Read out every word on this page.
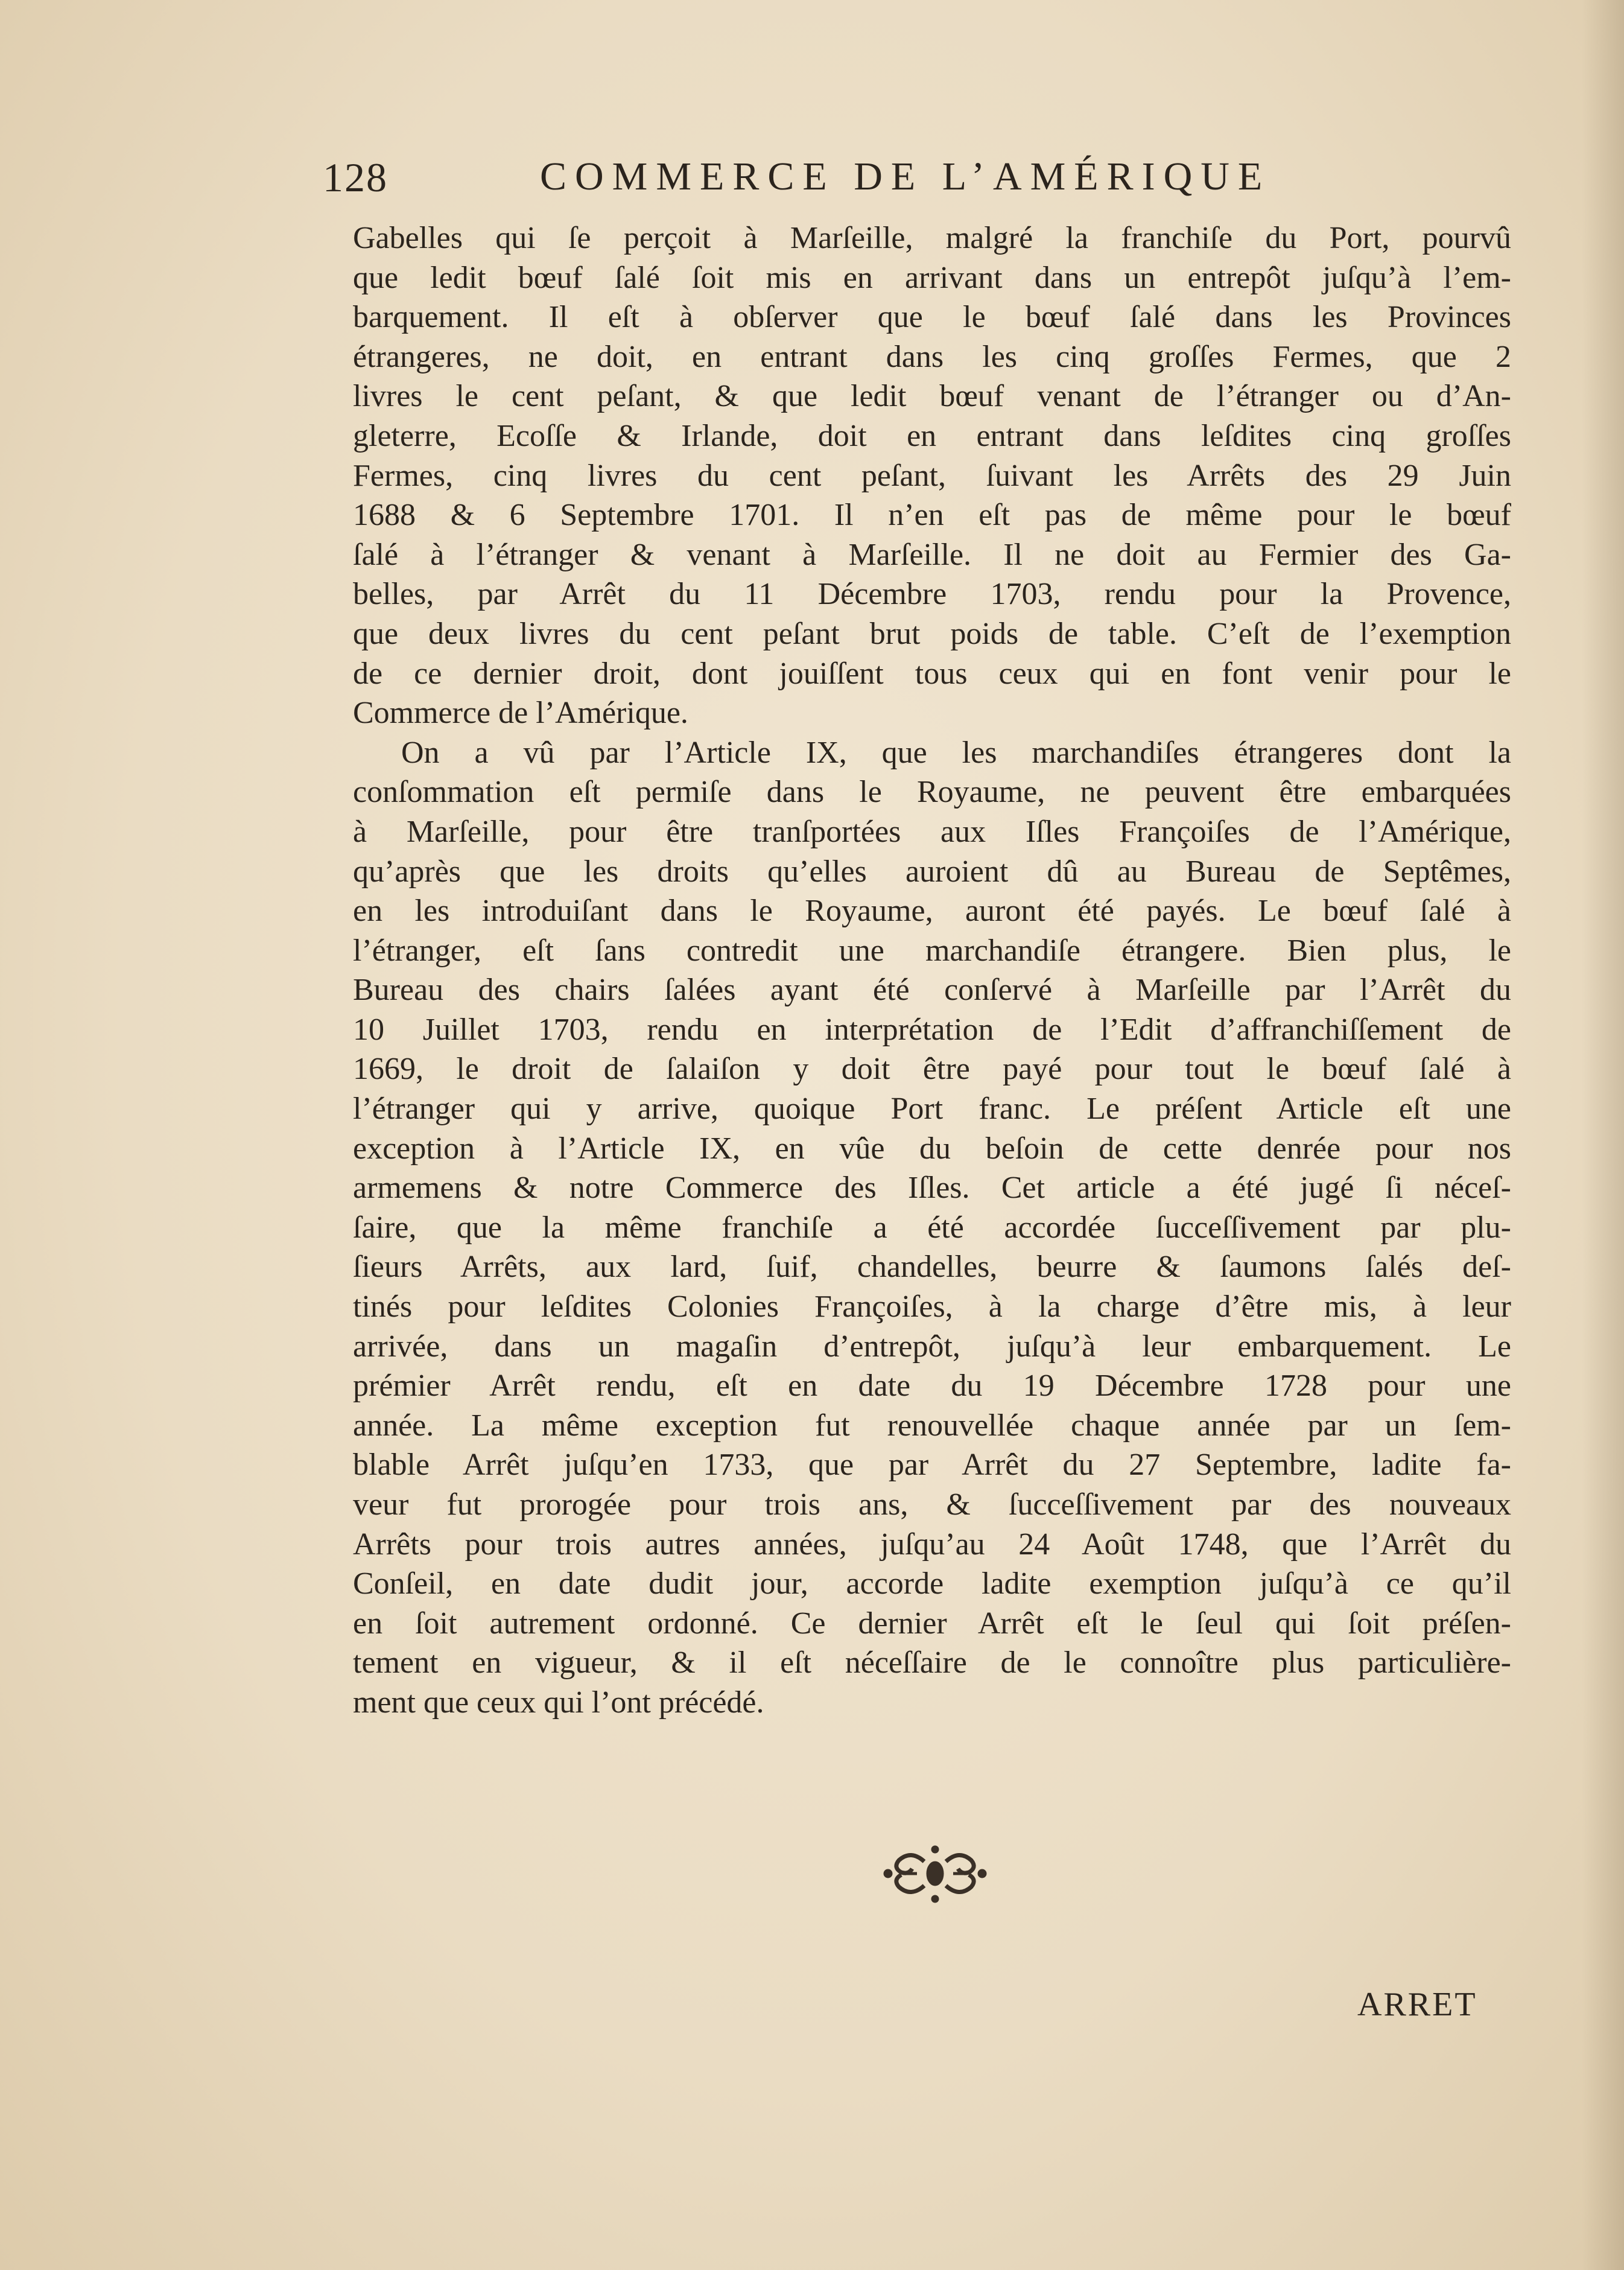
128	COMMERCE DE L’AMÉRIQUE
Gabelles qui ſe perçoit à Marſeille, malgré la franchiſe du Port, pourvû
que ledit bœuf ſalé ſoit mis en arrivant dans un entrepôt juſqu’à l’em-
barquement. Il eſt à obſerver que le bœuf ſalé dans les Provinces
étrangeres, ne doit, en entrant dans les cinq groſſes Fermes, que 2
livres le cent peſant, & que ledit bœuf venant de l’étranger ou d’An-
gleterre, Ecoſſe & Irlande, doit en entrant dans leſdites cinq groſſes
Fermes, cinq livres du cent peſant, ſuivant les Arrêts des 29 Juin
1688 & 6 Septembre 1701. Il n’en eſt pas de même pour le bœuf
ſalé à l’étranger & venant à Marſeille. Il ne doit au Fermier des Ga-
belles, par Arrêt du 11 Décembre 1703, rendu pour la Provence,
que deux livres du cent peſant brut poids de table. C’eſt de l’exemption
de ce dernier droit, dont jouiſſent tous ceux qui en font venir pour le
Commerce de l’Amérique.
On a vû par l’Article IX, que les marchandiſes étrangeres dont la
conſommation eſt permiſe dans le Royaume, ne peuvent être embarquées
à Marſeille, pour être tranſportées aux Iſles Françoiſes de l’Amérique,
qu’après que les droits qu’elles auroient dû au Bureau de Septêmes,
en les introduiſant dans le Royaume, auront été payés. Le bœuf ſalé à
l’étranger, eſt ſans contredit une marchandiſe étrangere. Bien plus, le
Bureau des chairs ſalées ayant été conſervé à Marſeille par l’Arrêt du
10 Juillet 1703, rendu en interprétation de l’Edit d’affranchiſſement de
1669, le droit de ſalaiſon y doit être payé pour tout le bœuf ſalé à
l’étranger qui y arrive, quoique Port franc. Le préſent Article eſt une
exception à l’Article IX, en vûe du beſoin de cette denrée pour nos
armemens & notre Commerce des Iſles. Cet article a été jugé ſi néceſ-
ſaire, que la même franchiſe a été accordée ſucceſſivement par plu-
ſieurs Arrêts, aux lard, ſuif, chandelles, beurre & ſaumons ſalés deſ-
tinés pour leſdites Colonies Françoiſes, à la charge d’être mis, à leur
arrivée, dans un magaſin d’entrepôt, juſqu’à leur embarquement. Le
prémier Arrêt rendu, eſt en date du 19 Décembre 1728 pour une
année. La même exception fut renouvellée chaque année par un ſem-
blable Arrêt juſqu’en 1733, que par Arrêt du 27 Septembre, ladite fa-
veur fut prorogée pour trois ans, & ſucceſſivement par des nouveaux
Arrêts pour trois autres années, juſqu’au 24 Août 1748, que l’Arrêt du
Conſeil, en date dudit jour, accorde ladite exemption juſqu’à ce qu’il
en ſoit autrement ordonné. Ce dernier Arrêt eſt le ſeul qui ſoit préſen-
tement en vigueur, & il eſt néceſſaire de le connoître plus particulière-
ment que ceux qui l’ont précédé.
ARRET
